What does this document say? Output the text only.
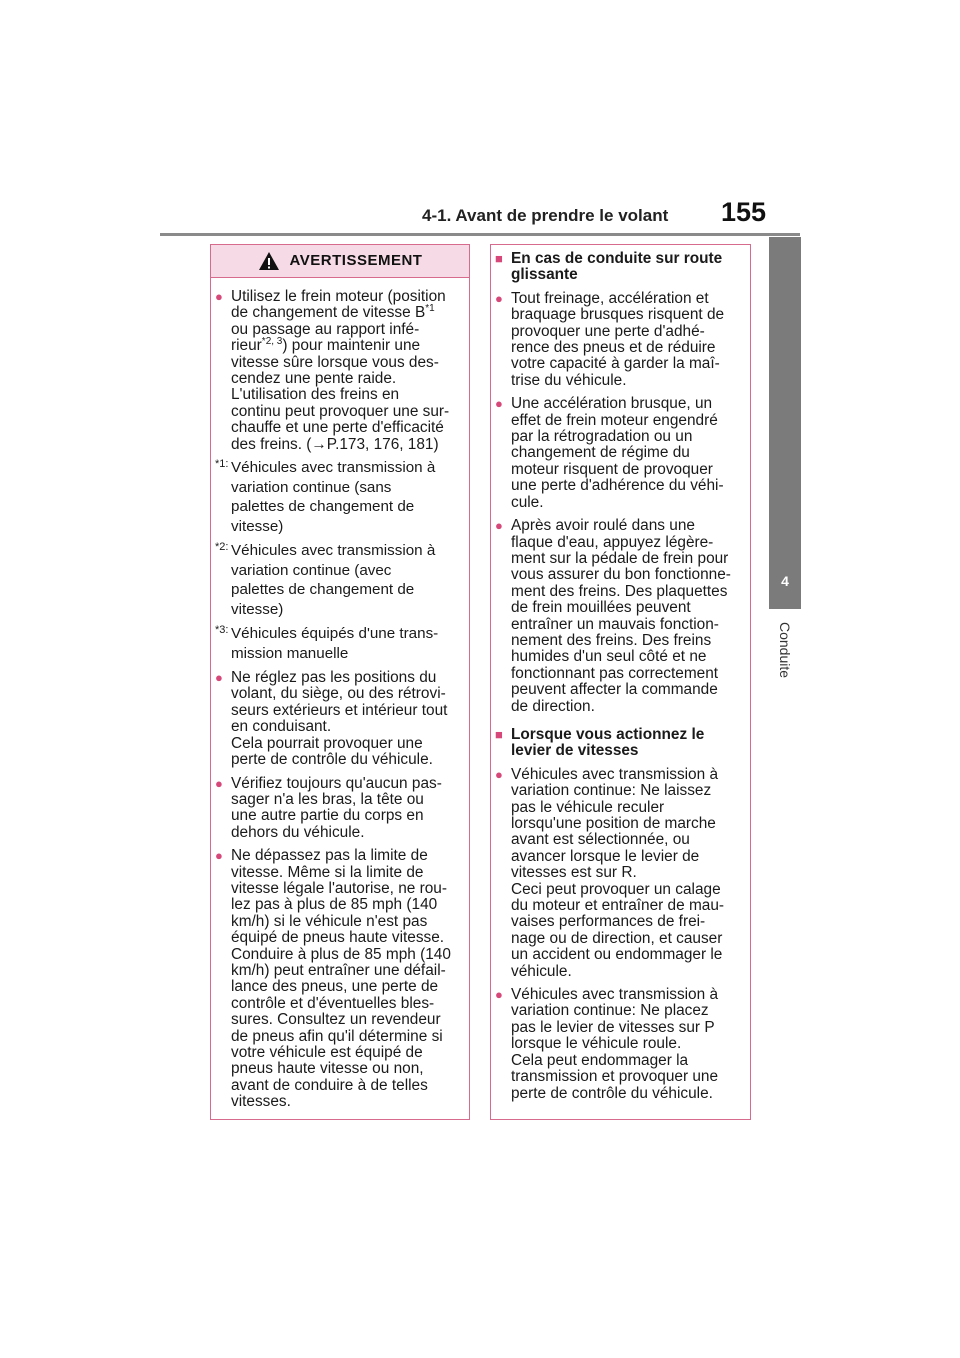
4-1. Avant de prendre le volant	155
4
Conduite
AVERTISSEMENT
● Utilisez le frein moteur (position
de changement de vitesse $B^{*1}$
ou passage au rapport infé-
rieur$^{*2, 3}$) pour maintenir une
vitesse sûre lorsque vous des-
cendez une pente raide.
L'utilisation des freins en
continu peut provoquer une sur-
chauffe et une perte d'efficacité
des freins. (→P.173, 176, 181)
*1: Véhicules avec transmission à
variation continue (sans
palettes de changement de
vitesse)
*2: Véhicules avec transmission à
variation continue (avec
palettes de changement de
vitesse)
*3: Véhicules équipés d'une trans-
mission manuelle
● Ne réglez pas les positions du
volant, du siège, ou des rétrovi-
seurs extérieurs et intérieur tout
en conduisant.
Cela pourrait provoquer une
perte de contrôle du véhicule.
● Vérifiez toujours qu'aucun pas-
sager n'a les bras, la tête ou
une autre partie du corps en
dehors du véhicule.
● Ne dépassez pas la limite de
vitesse. Même si la limite de
vitesse légale l'autorise, ne rou-
lez pas à plus de 85 mph (140
km/h) si le véhicule n'est pas
équipé de pneus haute vitesse.
Conduire à plus de 85 mph (140
km/h) peut entraîner une défail-
lance des pneus, une perte de
contrôle et d'éventuelles bles-
sures. Consultez un revendeur
de pneus afin qu'il détermine si
votre véhicule est équipé de
pneus haute vitesse ou non,
avant de conduire à de telles
vitesses.
■ En cas de conduite sur route
glissante
● Tout freinage, accélération et
braquage brusques risquent de
provoquer une perte d'adhé-
rence des pneus et de réduire
votre capacité à garder la maî-
trise du véhicule.
● Une accélération brusque, un
effet de frein moteur engendré
par la rétrogradation ou un
changement de régime du
moteur risquent de provoquer
une perte d'adhérence du véhi-
cule.
● Après avoir roulé dans une
flaque d'eau, appuyez légère-
ment sur la pédale de frein pour
vous assurer du bon fonctionne-
ment des freins. Des plaquettes
de frein mouillées peuvent
entraîner un mauvais fonction-
nement des freins. Des freins
humides d'un seul côté et ne
fonctionnant pas correctement
peuvent affecter la commande
de direction.
■ Lorsque vous actionnez le
levier de vitesses
● Véhicules avec transmission à
variation continue: Ne laissez
pas le véhicule reculer
lorsqu'une position de marche
avant est sélectionnée, ou
avancer lorsque le levier de
vitesses est sur R.
Ceci peut provoquer un calage
du moteur et entraîner de mau-
vaises performances de frei-
nage ou de direction, et causer
un accident ou endommager le
véhicule.
● Véhicules avec transmission à
variation continue: Ne placez
pas le levier de vitesses sur P
lorsque le véhicule roule.
Cela peut endommager la
transmission et provoquer une
perte de contrôle du véhicule.
